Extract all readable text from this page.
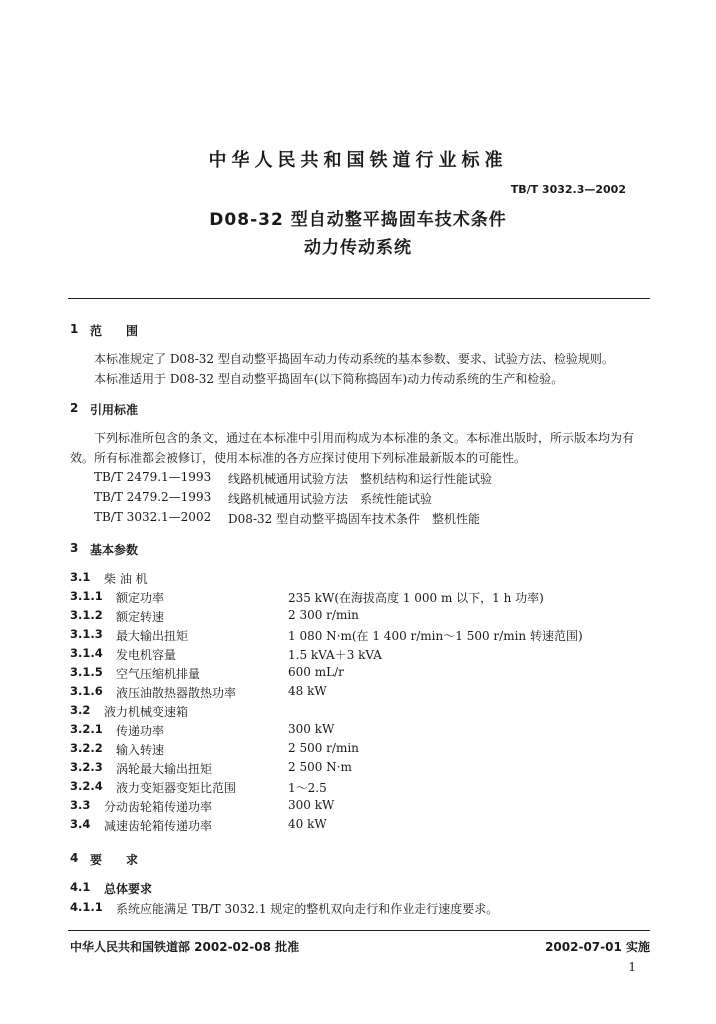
中华人民共和国铁道行业标准
TB/T 3032.3—2002
D08-32 型自动整平捣固车技术条件
动力传动系统
1 范　　围
本标准规定了 D08-32 型自动整平捣固车动力传动系统的基本参数、要求、试验方法、检验规则。
本标准适用于 D08-32 型自动整平捣固车(以下简称捣固车)动力传动系统的生产和检验。
2 引用标准
下列标准所包含的条文，通过在本标准中引用而构成为本标准的条文。本标准出版时，所示版本均为有效。所有标准都会被修订，使用本标准的各方应探讨使用下列标准最新版本的可能性。
TB/T 2479.1—1993 线路机械通用试验方法　整机结构和运行性能试验
TB/T 2479.2—1993 线路机械通用试验方法　系统性能试验
TB/T 3032.1—2002 D08-32 型自动整平捣固车技术条件　整机性能
3 基本参数
3.1 柴 油 机
3.1.1 额定功率	235 kW(在海拔高度 1 000 m 以下，1 h 功率)
3.1.2 额定转速	2 300 r/min
3.1.3 最大输出扭矩	1 080 N·m(在 1 400 r/min～1 500 r/min 转速范围)
3.1.4 发电机容量	1.5 kVA＋3 kVA
3.1.5 空气压缩机排量	600 mL/r
3.1.6 液压油散热器散热功率	48 kW
3.2 液力机械变速箱
3.2.1 传递功率	300 kW
3.2.2 输入转速	2 500 r/min
3.2.3 涡轮最大输出扭矩	2 500 N·m
3.2.4 液力变矩器变矩比范围	1～2.5
3.3 分动齿轮箱传递功率	300 kW
3.4 减速齿轮箱传递功率	40 kW
4 要　　求
4.1 总体要求
4.1.1 系统应能满足 TB/T 3032.1 规定的整机双向走行和作业走行速度要求。
中华人民共和国铁道部 2002-02-08 批准	2002-07-01 实施
1
